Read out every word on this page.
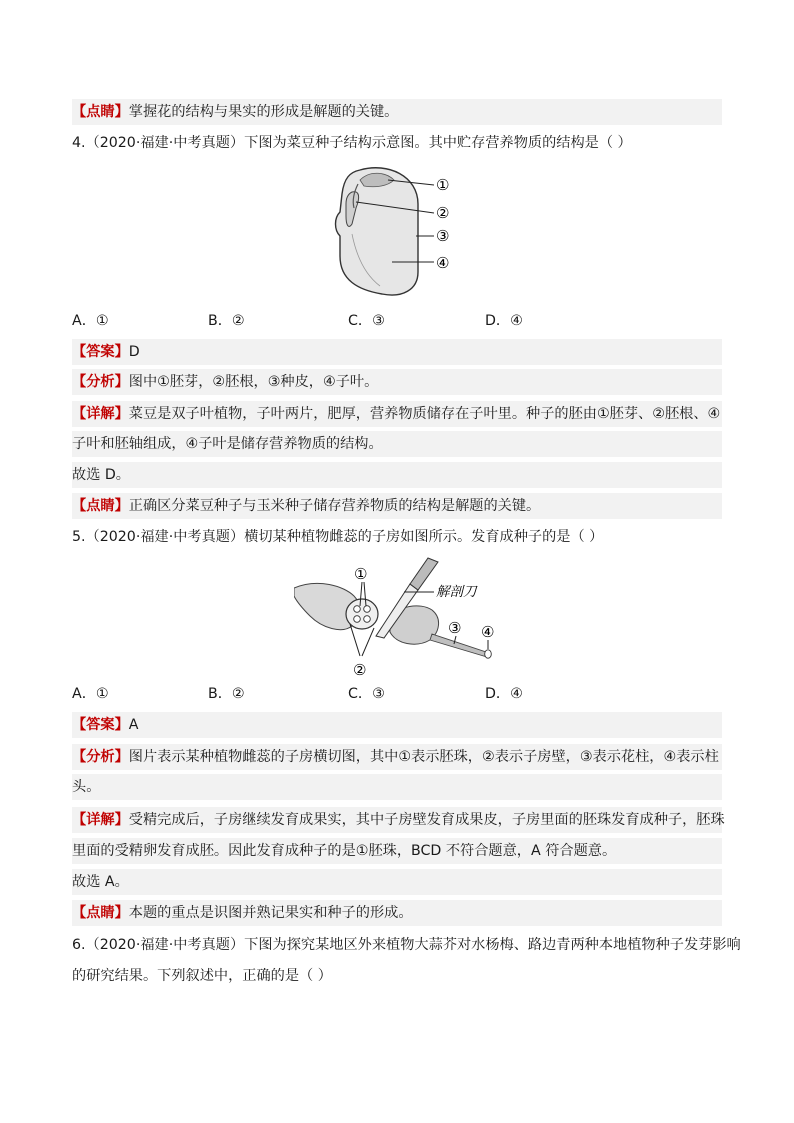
【点睛】掌握花的结构与果实的形成是解题的关键。
4.（2020·福建·中考真题）下图为菜豆种子结构示意图。其中贮存营养物质的结构是（ ）
①
②
③
④
A．①	B．②	C．③	D．④
【答案】D
【分析】图中①胚芽，②胚根，③种皮，④子叶。
【详解】菜豆是双子叶植物，子叶两片，肥厚，营养物质储存在子叶里。种子的胚由①胚芽、②胚根、④
子叶和胚轴组成，④子叶是储存营养物质的结构。
故选 D。
【点睛】正确区分菜豆种子与玉米种子储存营养物质的结构是解题的关键。
5.（2020·福建·中考真题）横切某种植物雌蕊的子房如图所示。发育成种子的是（ ）
①
②
③ ④
解剖刀
A．①	B．②	C．③	D．④
【答案】A
【分析】图片表示某种植物雌蕊的子房横切图，其中①表示胚珠，②表示子房壁，③表示花柱，④表示柱
头。
【详解】受精完成后，子房继续发育成果实，其中子房壁发育成果皮，子房里面的胚珠发育成种子，胚珠
里面的受精卵发育成胚。因此发育成种子的是①胚珠，BCD 不符合题意，A 符合题意。
故选 A。
【点睛】本题的重点是识图并熟记果实和种子的形成。
6.（2020·福建·中考真题）下图为探究某地区外来植物大蒜芥对水杨梅、路边青两种本地植物种子发芽影响
的研究结果。下列叙述中，正确的是（ ）
